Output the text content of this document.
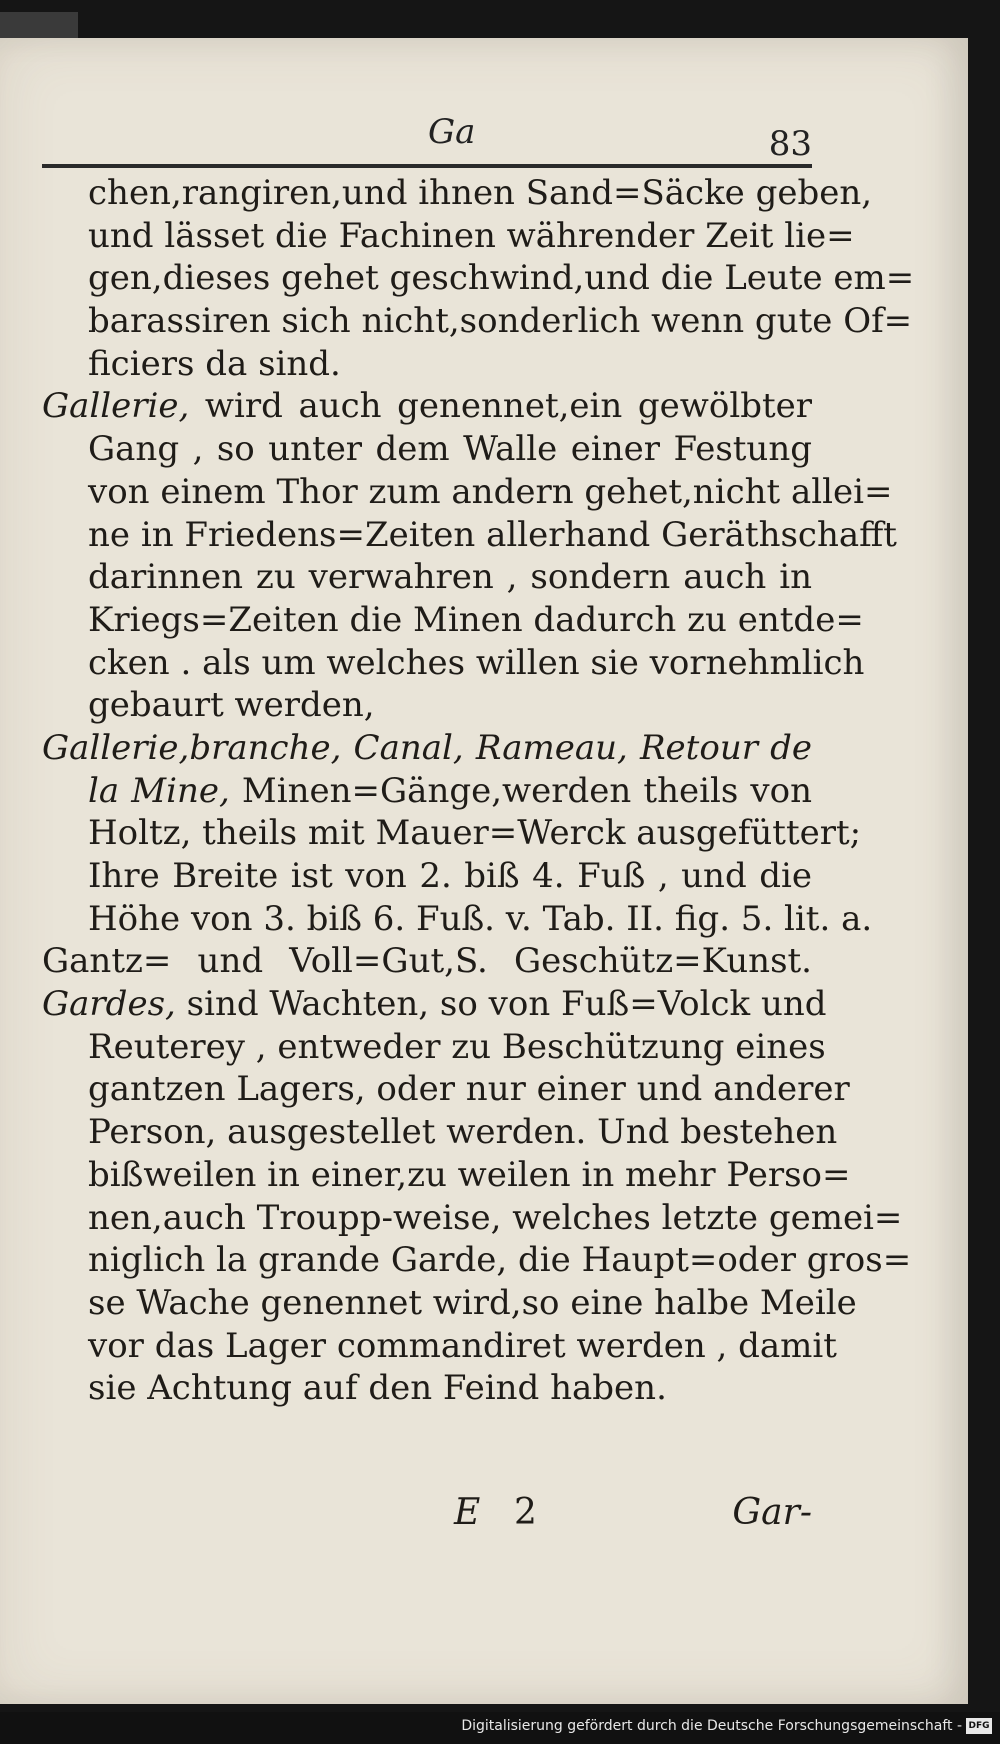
Ga	83
chen,rangiren,und ihnen Sand=Säcke geben,
und lässet die Fachinen währender Zeit lie=
gen,dieses gehet geschwind,und die Leute em=
barassiren sich nicht,sonderlich wenn gute Of=
ficiers da sind.
Gallerie, wird auch genennet,ein gewölbter
Gang , so unter dem Walle einer Festung
von einem Thor zum andern gehet,nicht allei=
ne in Friedens=Zeiten allerhand Geräthschafft
darinnen zu verwahren , sondern auch in
Kriegs=Zeiten die Minen dadurch zu entde=
cken . als um welches willen sie vornehmlich
gebaurt werden,
Gallerie,branche, Canal, Rameau, Retour de
la Mine, Minen=Gänge,werden theils von
Holtz, theils mit Mauer=Werck ausgefüttert;
Ihre Breite ist von 2. biß 4. Fuß , und die
Höhe von 3. biß 6. Fuß. v. Tab. II. fig. 5. lit. a.
Gantz= und Voll=Gut,S. Geschütz=Kunst.
Gardes, sind Wachten, so von Fuß=Volck und
Reuterey , entweder zu Beschützung eines
gantzen Lagers, oder nur einer und anderer
Person, ausgestellet werden. Und bestehen
bißweilen in einer,zu weilen in mehr Perso=
nen,auch Troupp-weise, welches letzte gemei=
niglich la grande Garde, die Haupt=oder gros=
se Wache genennet wird,so eine halbe Meile
vor das Lager commandiret werden , damit
sie Achtung auf den Feind haben.
E 2	Gar-
Digitalisierung gefördert durch die Deutsche Forschungsgemeinschaft - DFG
